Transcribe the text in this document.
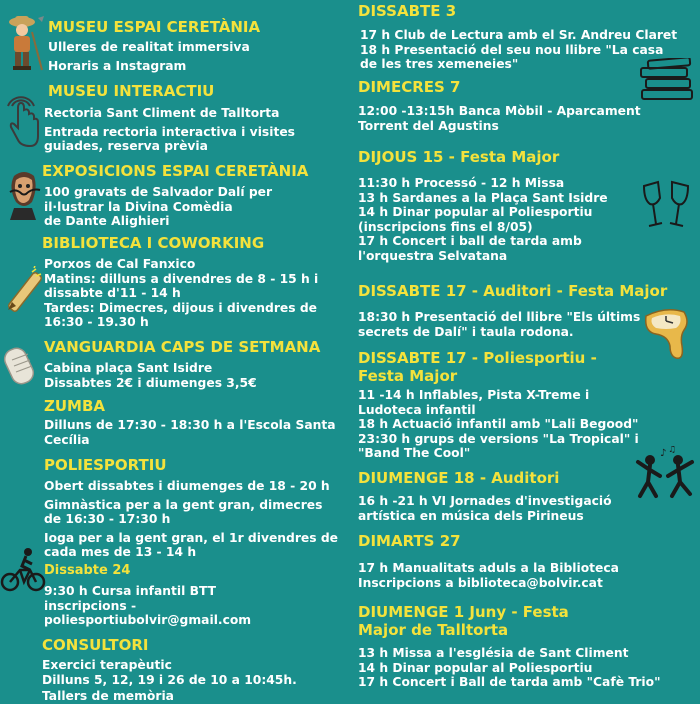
MUSEU ESPAI CERETÀNIA
Ulleres de realitat immersiva
Horaris a Instagram
MUSEU INTERACTIU
Rectoria Sant Climent de Talltorta
Entrada rectoria interactiva i visites
guiades, reserva prèvia
EXPOSICIONS ESPAI CERETÀNIA
100 gravats de Salvador Dalí per
il·lustrar la Divina Comèdia
de Dante Alighieri
BIBLIOTECA I COWORKING
Porxos de Cal Fanxico
Matins: dilluns a divendres de 8 - 15 h i
dissabte d'11 - 14 h
Tardes: Dimecres, dijous i divendres de
16:30 - 19.30 h
VANGUARDIA CAPS DE SETMANA
Cabina plaça Sant Isidre
Dissabtes 2€ i diumenges 3,5€
ZUMBA
Dilluns de 17:30 - 18:30 h a l'Escola Santa
Cecília
POLIESPORTIU
Obert dissabtes i diumenges de 18 - 20 h
Gimnàstica per a la gent gran, dimecres
de 16:30 - 17:30 h
Ioga per a la gent gran, el 1r divendres de
cada mes de 13 - 14 h
Dissabte 24
9:30 h Cursa infantil BTT
inscripcions -
poliesportiubolvir@gmail.com
CONSULTORI
Exercici terapèutic
Dilluns 5, 12, 19 i 26 de 10 a 10:45h.
Tallers de memòria
DISSABTE 3
17 h Club de Lectura amb el Sr. Andreu Claret
18 h Presentació del seu nou llibre "La casa
de les tres xemeneies"
DIMECRES 7
12:00 -13:15h Banca Mòbil - Aparcament
Torrent del Agustins
DIJOUS 15 - Festa Major
11:30 h Processó - 12 h Missa
13 h Sardanes a la Plaça Sant Isidre
14 h Dinar popular al Poliesportiu
(inscripcions fins el 8/05)
17 h Concert i ball de tarda amb
l'orquestra Selvatana
DISSABTE 17 - Auditori - Festa Major
18:30 h Presentació del llibre "Els últims
secrets de Dalí" i taula rodona.
DISSABTE 17 - Poliesportiu -
Festa Major
11 -14 h Inflables, Pista X-Treme i
Ludoteca infantil
18 h Actuació infantil amb "Lali Begood"
23:30 h grups de versions "La Tropical" i
"Band The Cool"	♪ ♫
DIUMENGE 18 - Auditori
16 h -21 h VI Jornades d'investigació
artística en música dels Pirineus
DIMARTS 27
17 h Manualitats aduls a la Biblioteca
Inscripcions a biblioteca@bolvir.cat
DIUMENGE 1 Juny - Festa
Major de Talltorta
13 h Missa a l'església de Sant Climent
14 h Dinar popular al Poliesportiu
17 h Concert i Ball de tarda amb "Cafè Trio"
